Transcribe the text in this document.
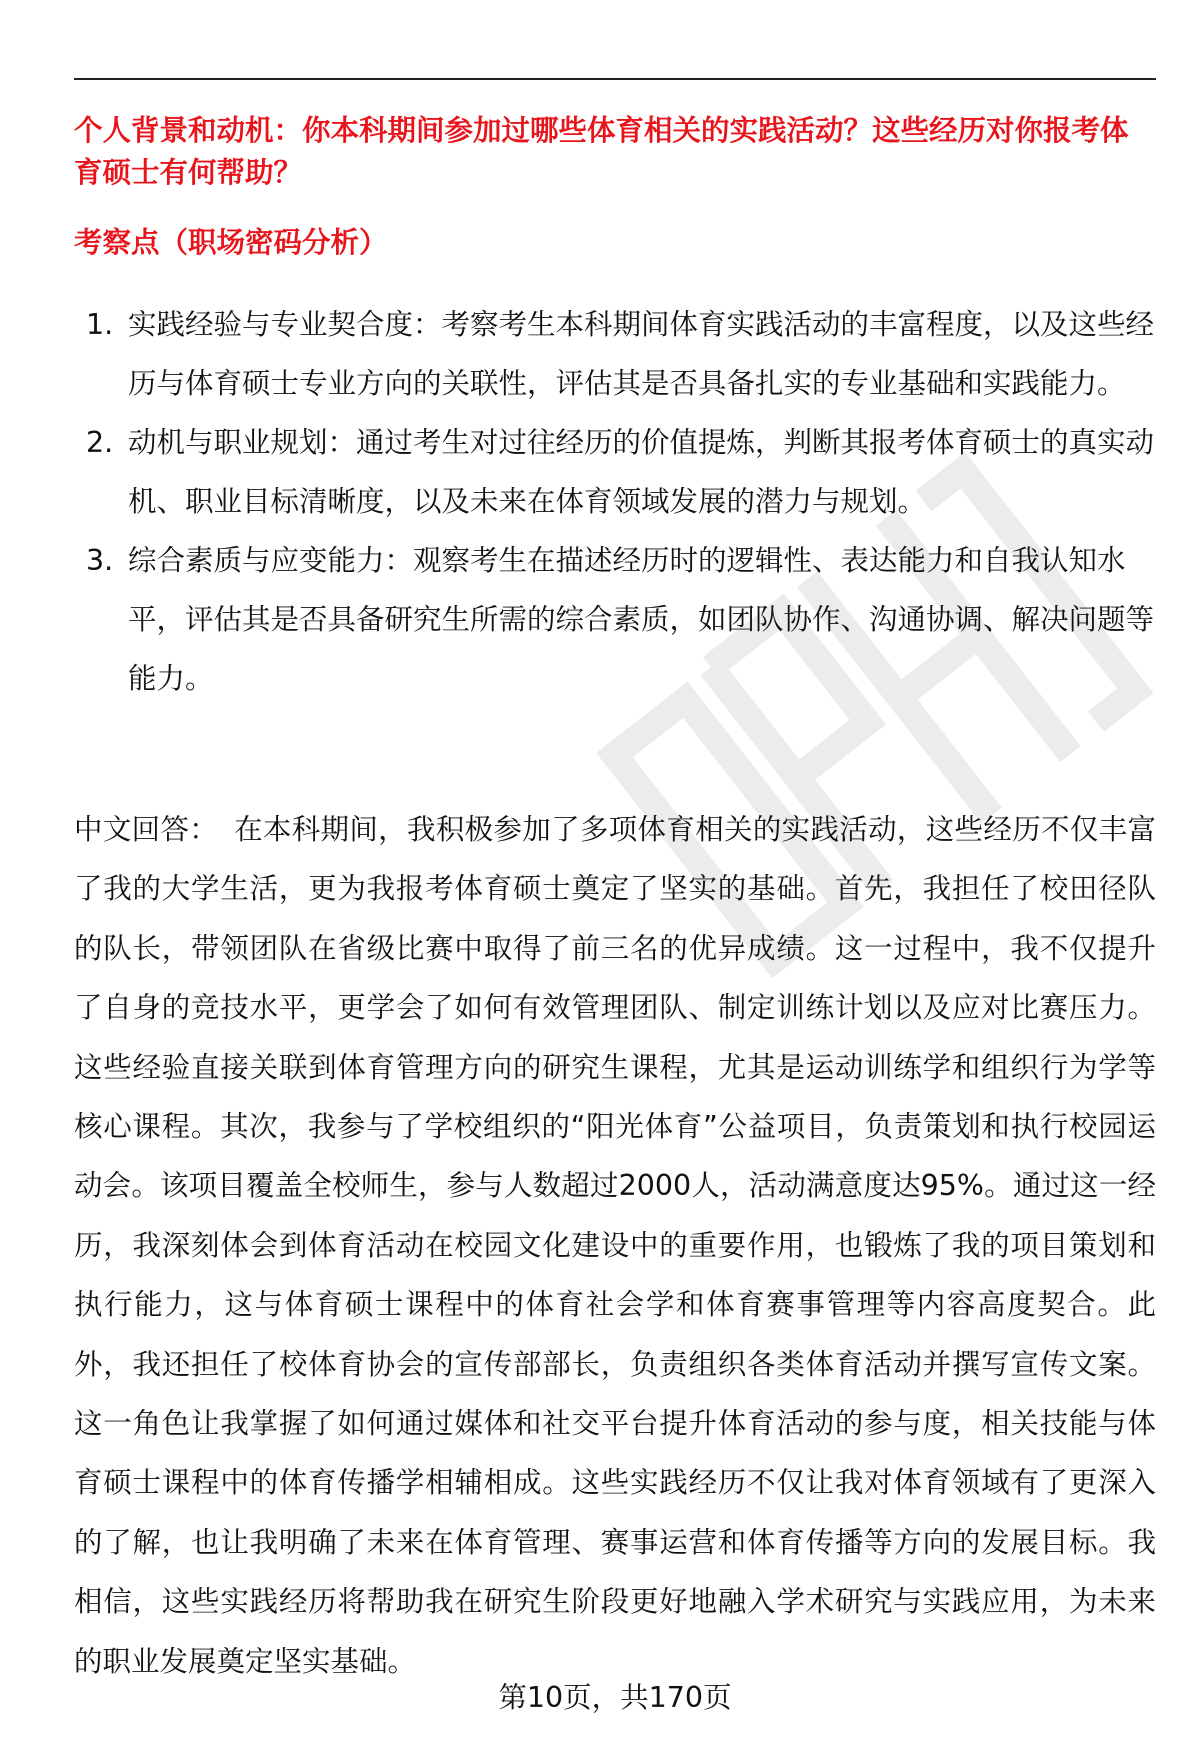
个人背景和动机：你本科期间参加过哪些体育相关的实践活动？这些经历对你报考体育硕士有何帮助？

考察点（职场密码分析）

1. 实践经验与专业契合度：考察考生本科期间体育实践活动的丰富程度，以及这些经历与体育硕士专业方向的关联性，评估其是否具备扎实的专业基础和实践能力。
2. 动机与职业规划：通过考生对过往经历的价值提炼，判断其报考体育硕士的真实动机、职业目标清晰度，以及未来在体育领域发展的潜力与规划。
3. 综合素质与应变能力：观察考生在描述经历时的逻辑性、表达能力和自我认知水平，评估其是否具备研究生所需的综合素质，如团队协作、沟通协调、解决问题等能力。

中文回答： 在本科期间，我积极参加了多项体育相关的实践活动，这些经历不仅丰富了我的大学生活，更为我报考体育硕士奠定了坚实的基础。首先，我担任了校田径队的队长，带领团队在省级比赛中取得了前三名的优异成绩。这一过程中，我不仅提升了自身的竞技水平，更学会了如何有效管理团队、制定训练计划以及应对比赛压力。这些经验直接关联到体育管理方向的研究生课程，尤其是运动训练学和组织行为学等核心课程。其次，我参与了学校组织的“阳光体育”公益项目，负责策划和执行校园运动会。该项目覆盖全校师生，参与人数超过2000人，活动满意度达95%。通过这一经历，我深刻体会到体育活动在校园文化建设中的重要作用，也锻炼了我的项目策划和执行能力，这与体育硕士课程中的体育社会学和体育赛事管理等内容高度契合。此外，我还担任了校体育协会的宣传部部长，负责组织各类体育活动并撰写宣传文案。这一角色让我掌握了如何通过媒体和社交平台提升体育活动的参与度，相关技能与体育硕士课程中的体育传播学相辅相成。这些实践经历不仅让我对体育领域有了更深入的了解，也让我明确了未来在体育管理、赛事运营和体育传播等方向的发展目标。我相信，这些实践经历将帮助我在研究生阶段更好地融入学术研究与实践应用，为未来的职业发展奠定坚实基础。

第10页，共170页
